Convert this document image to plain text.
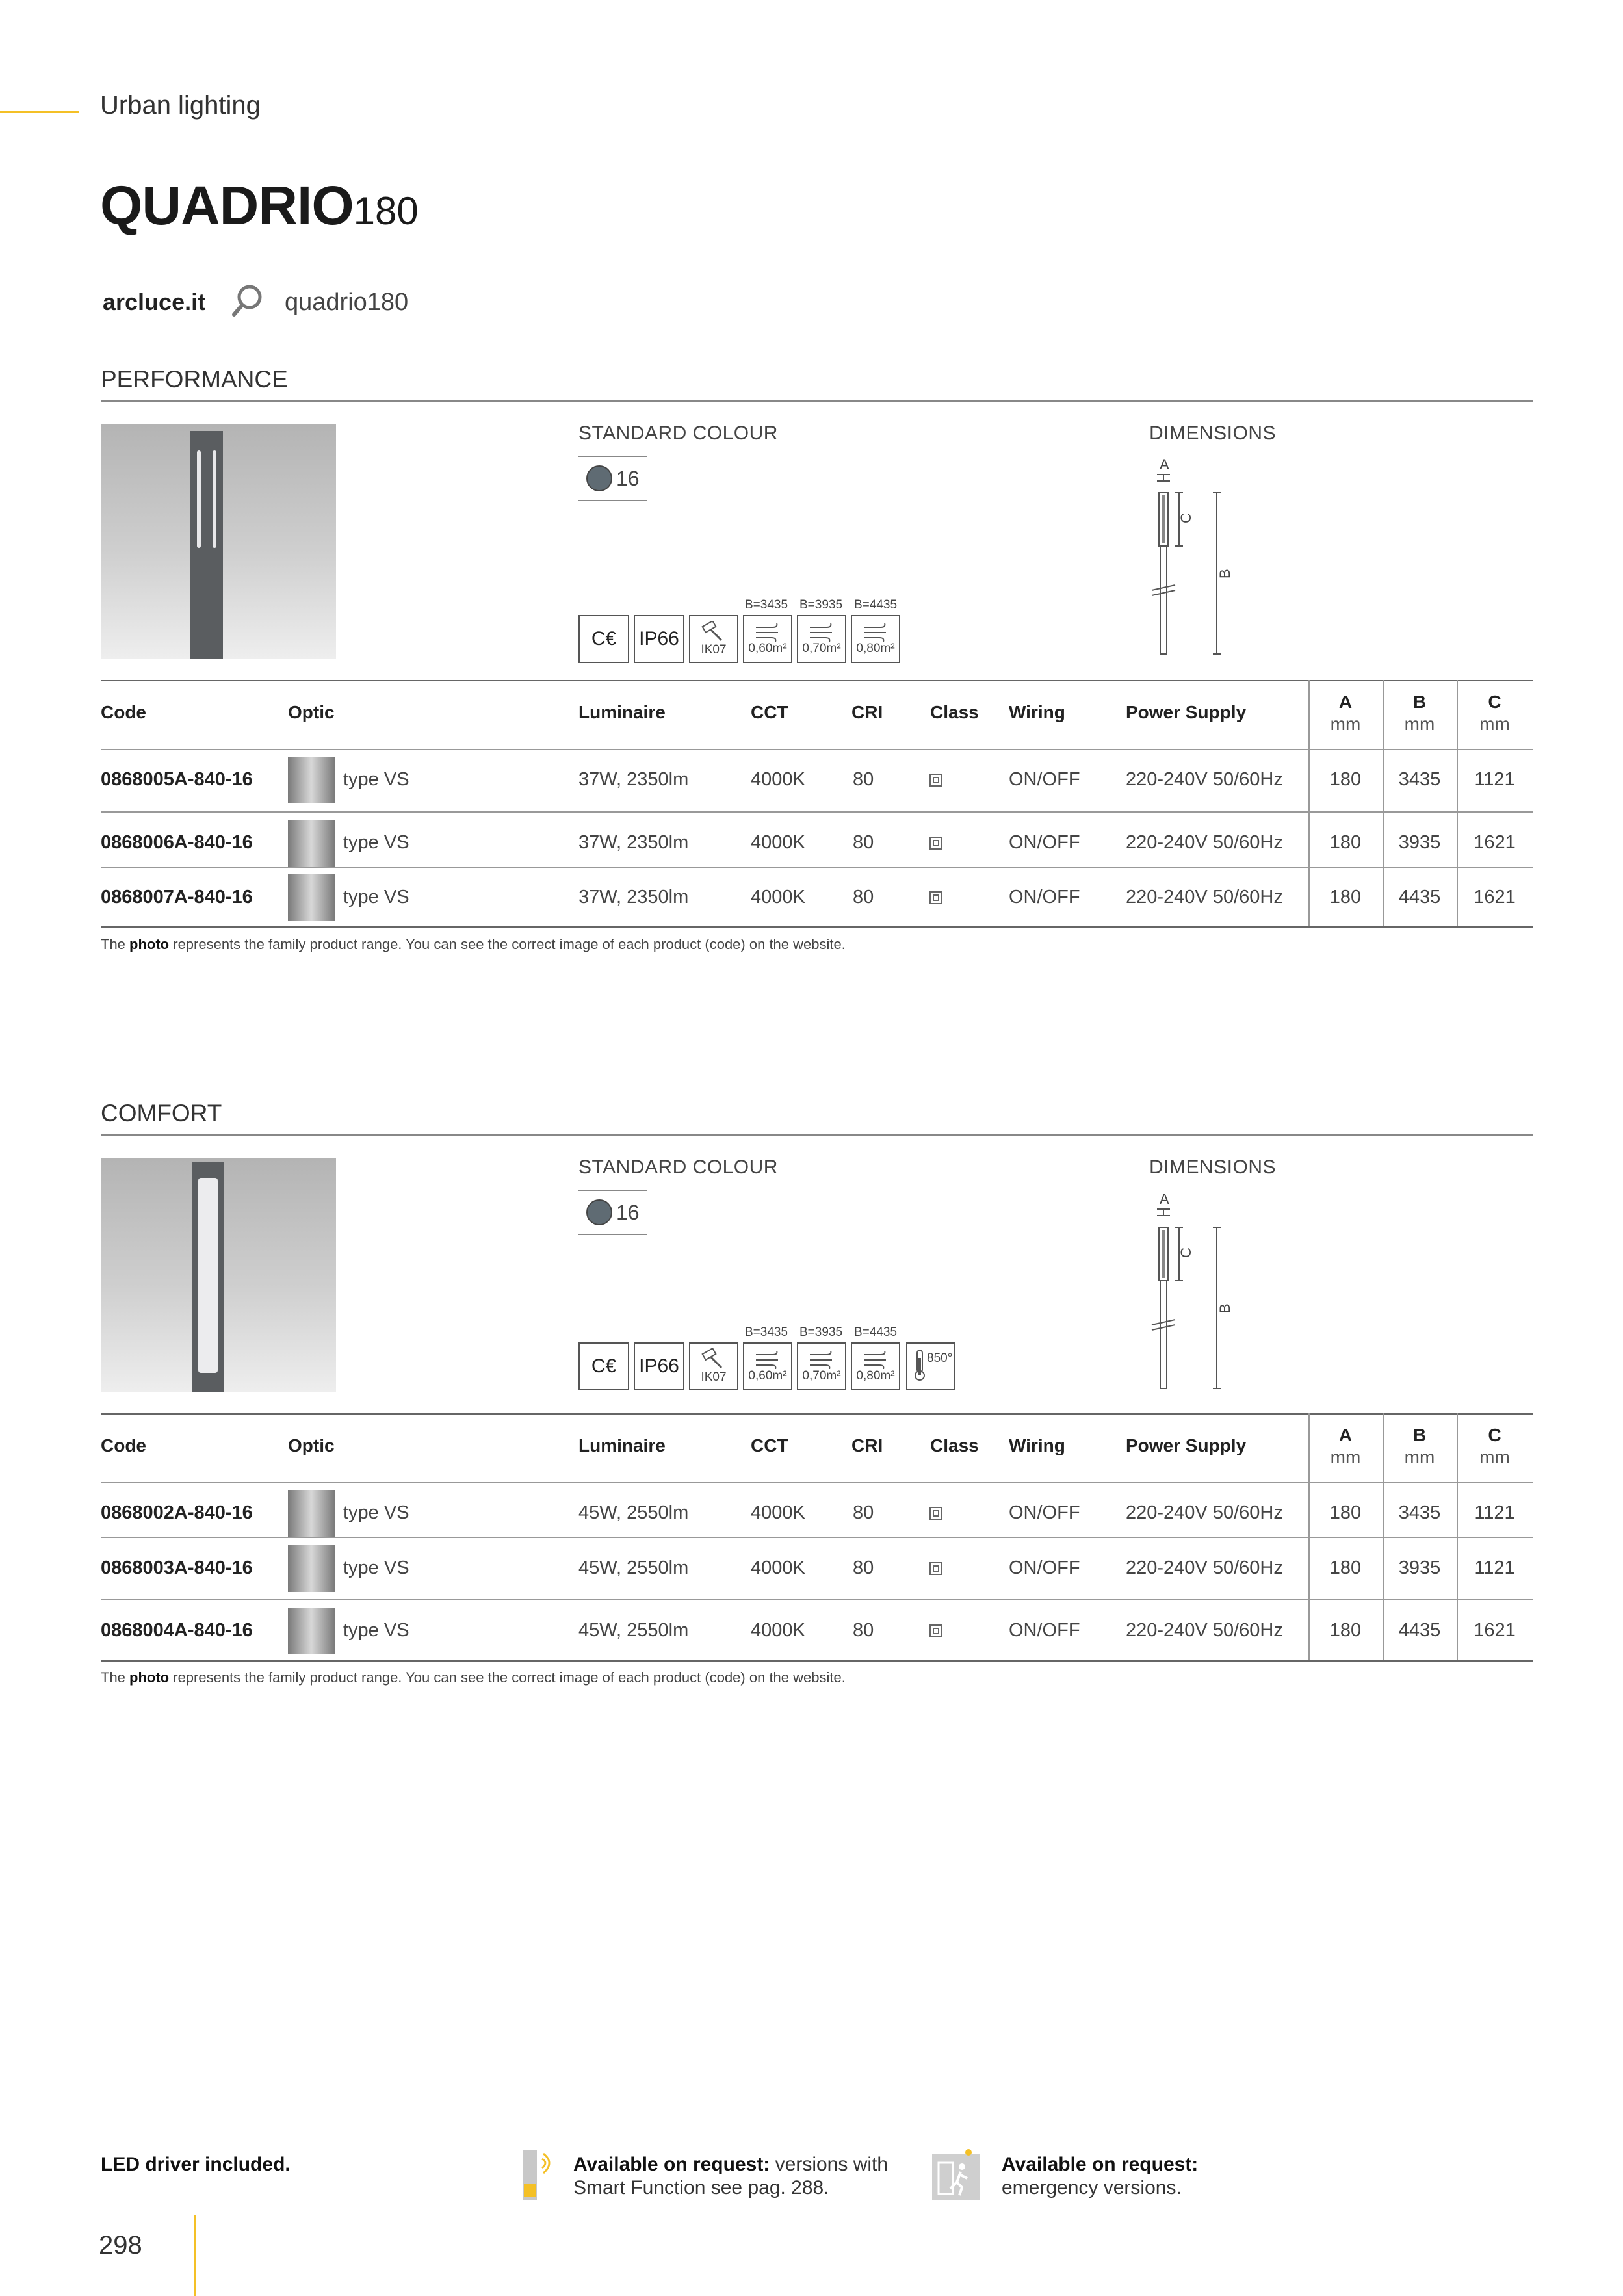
Urban lighting
QUADRIO180
arcluce.it	quadrio180
PERFORMANCE
STANDARD COLOUR
16
C€	IP66
IK07
B=3435 B=3935 B=4435
0,60m² 0,70m² 0,80m²
DIMENSIONS
A
C
B
Code	Optic	Luminaire	CCT	CRI	Class Wiring	Power Supply
A	B	C
mm	mm	mm
0868005A-840-16	type VS	37W, 2350lm	4000K	80	ON/OFF 220-240V 50/60Hz	180	3435	1121
0868006A-840-16	type VS	37W, 2350lm	4000K	80	ON/OFF 220-240V 50/60Hz	180	3935	1621
0868007A-840-16	type VS	37W, 2350lm	4000K	80	ON/OFF 220-240V 50/60Hz	180	4435	1621
The photo represents the family product range. You can see the correct image of each product (code) on the website.
COMFORT
STANDARD COLOUR
16
C€	IP66
IK07
B=3435 B=3935 B=4435
0,60m² 0,70m² 0,80m²
850°
DIMENSIONS
A
C
B
Code	Optic	Luminaire	CCT	CRI	Class Wiring	Power Supply
A	B	C
mm	mm	mm
0868002A-840-16	type VS	45W, 2550lm	4000K	80	ON/OFF 220-240V 50/60Hz	180	3435	1121
0868003A-840-16	type VS	45W, 2550lm	4000K	80	ON/OFF 220-240V 50/60Hz	180	3935	1121
0868004A-840-16	type VS	45W, 2550lm	4000K	80	ON/OFF 220-240V 50/60Hz	180	4435	1621
The photo represents the family product range. You can see the correct image of each product (code) on the website.
LED driver included.	Available on request: versions with
Smart Function see pag. 288.
Available on request:
emergency versions.
298
